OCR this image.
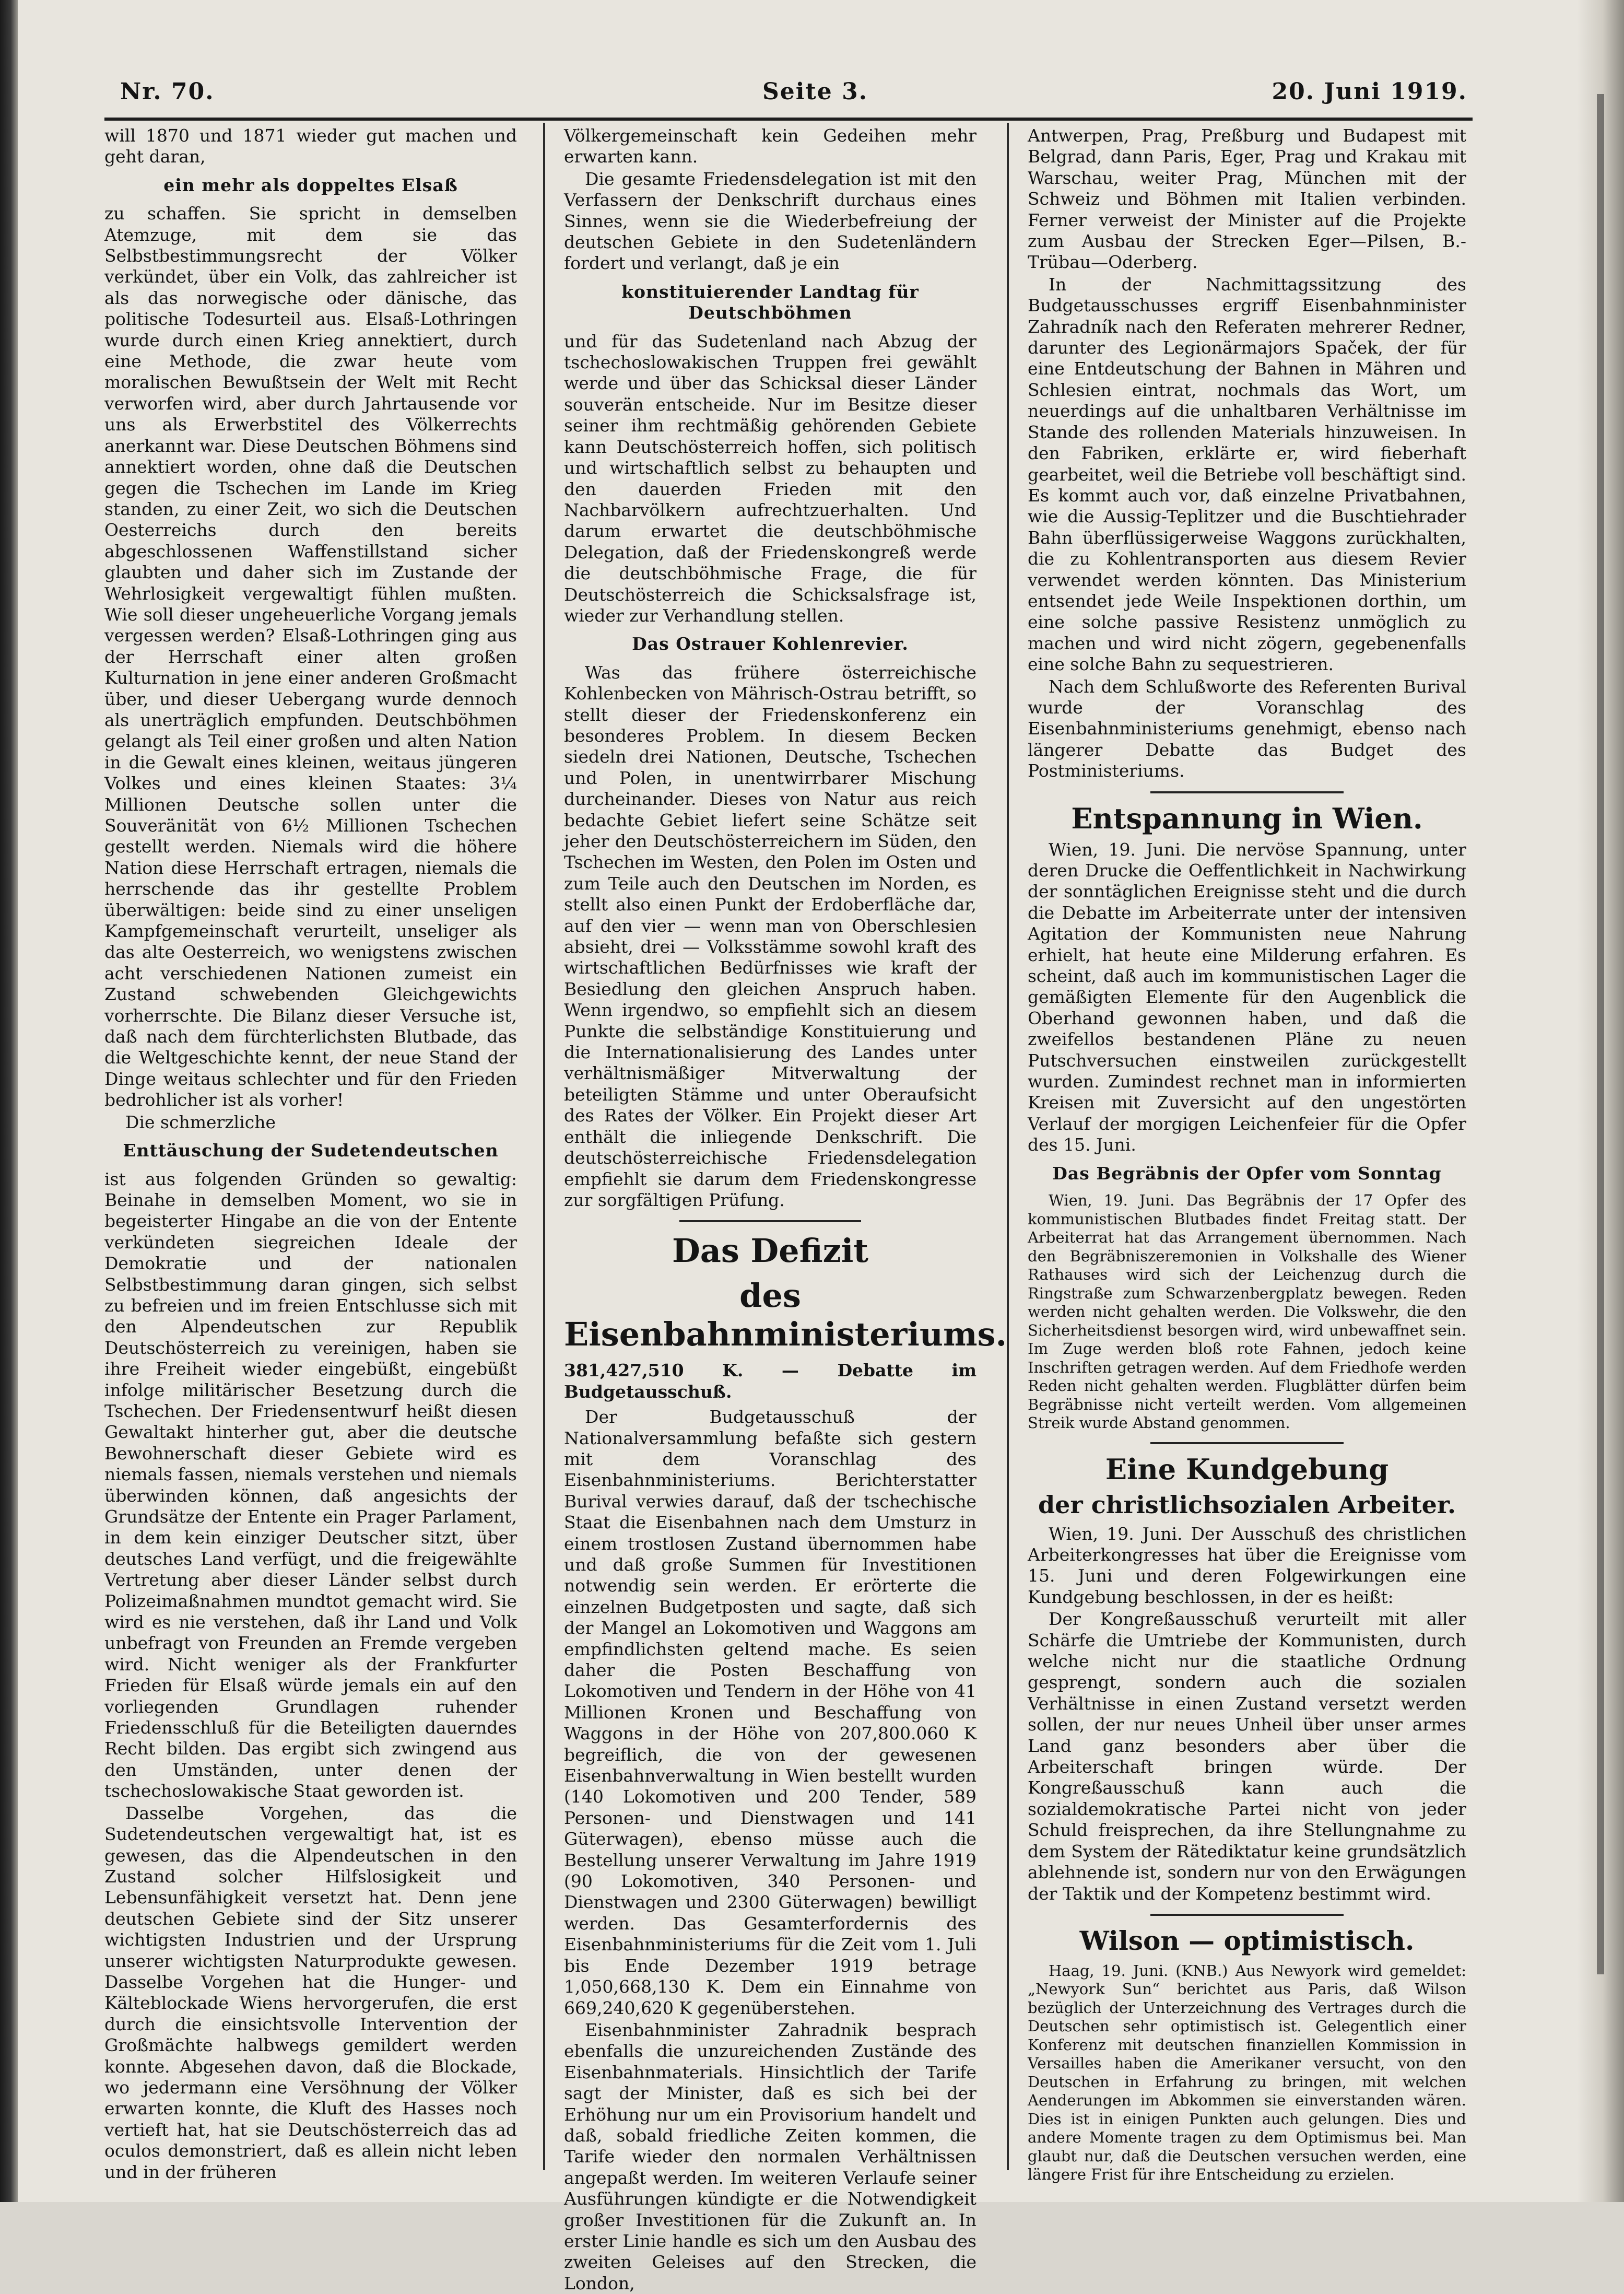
Nr. 70.	Seite 3.	20. Juni 1919.

will 1870 und 1871 wieder gut machen und geht daran,

ein mehr als doppeltes Elsaß

zu schaffen. Sie spricht in demselben Atemzuge, mit dem sie das Selbstbestimmungsrecht der Völker verkündet, über ein Volk, das zahlreicher ist als das norwegische oder dänische, das politische Todesurteil aus. Elsaß-Lothringen wurde durch einen Krieg annektiert, durch eine Methode, die zwar heute vom moralischen Bewußtsein der Welt mit Recht verworfen wird, aber durch Jahrtausende vor uns als Erwerbstitel des Völkerrechts anerkannt war. Diese Deutschen Böhmens sind annektiert worden, ohne daß die Deutschen gegen die Tschechen im Lande im Krieg standen, zu einer Zeit, wo sich die Deutschen Oesterreichs durch den bereits abgeschlossenen Waffenstillstand sicher glaubten und daher sich im Zustande der Wehrlosigkeit vergewaltigt fühlen mußten. Wie soll dieser ungeheuerliche Vorgang jemals vergessen werden? Elsaß-Lothringen ging aus der Herrschaft einer alten großen Kulturnation in jene einer anderen Großmacht über, und dieser Uebergang wurde dennoch als unerträglich empfunden. Deutschböhmen gelangt als Teil einer großen und alten Nation in die Gewalt eines kleinen, weitaus jüngeren Volkes und eines kleinen Staates: 3¼ Millionen Deutsche sollen unter die Souveränität von 6½ Millionen Tschechen gestellt werden. Niemals wird die höhere Nation diese Herrschaft ertragen, niemals die herrschende das ihr gestellte Problem überwältigen: beide sind zu einer unseligen Kampfgemeinschaft verurteilt, unseliger als das alte Oesterreich, wo wenigstens zwischen acht verschiedenen Nationen zumeist ein Zustand schwebenden Gleichgewichts vorherrschte. Die Bilanz dieser Versuche ist, daß nach dem fürchterlichsten Blutbade, das die Weltgeschichte kennt, der neue Stand der Dinge weitaus schlechter und für den Frieden bedrohlicher ist als vorher!

Die schmerzliche

Enttäuschung der Sudetendeutschen

ist aus folgenden Gründen so gewaltig: Beinahe in demselben Moment, wo sie in begeisterter Hingabe an die von der Entente verkündeten siegreichen Ideale der Demokratie und der nationalen Selbstbestimmung daran gingen, sich selbst zu befreien und im freien Entschlusse sich mit den Alpendeutschen zur Republik Deutschösterreich zu vereinigen, haben sie ihre Freiheit wieder eingebüßt, eingebüßt infolge militärischer Besetzung durch die Tschechen. Der Friedensentwurf heißt diesen Gewaltakt hinterher gut, aber die deutsche Bewohnerschaft dieser Gebiete wird es niemals fassen, niemals verstehen und niemals überwinden können, daß angesichts der Grundsätze der Entente ein Prager Parlament, in dem kein einziger Deutscher sitzt, über deutsches Land verfügt, und die freigewählte Vertretung aber dieser Länder selbst durch Polizeimaßnahmen mundtot gemacht wird. Sie wird es nie verstehen, daß ihr Land und Volk unbefragt von Freunden an Fremde vergeben wird. Nicht weniger als der Frankfurter Frieden für Elsaß würde jemals ein auf den vorliegenden Grundlagen ruhender Friedensschluß für die Beteiligten dauerndes Recht bilden. Das ergibt sich zwingend aus den Umständen, unter denen der tschechoslowakische Staat geworden ist.

Dasselbe Vorgehen, das die Sudetendeutschen vergewaltigt hat, ist es gewesen, das die Alpendeutschen in den Zustand solcher Hilfslosigkeit und Lebensunfähigkeit versetzt hat. Denn jene deutschen Gebiete sind der Sitz unserer wichtigsten Industrien und der Ursprung unserer wichtigsten Naturprodukte gewesen. Dasselbe Vorgehen hat die Hunger- und Kälteblockade Wiens hervorgerufen, die erst durch die einsichtsvolle Intervention der Großmächte halbwegs gemildert werden konnte. Abgesehen davon, daß die Blockade, wo jedermann eine Versöhnung der Völker erwarten konnte, die Kluft des Hasses noch vertieft hat, hat sie Deutschösterreich das ad oculos demonstriert, daß es allein nicht leben und in der früheren

Völkergemeinschaft kein Gedeihen mehr erwarten kann.

Die gesamte Friedensdelegation ist mit den Verfassern der Denkschrift durchaus eines Sinnes, wenn sie die Wiederbefreiung der deutschen Gebiete in den Sudetenländern fordert und verlangt, daß je ein

konstituierender Landtag für Deutschböhmen

und für das Sudetenland nach Abzug der tschechoslowakischen Truppen frei gewählt werde und über das Schicksal dieser Länder souverän entscheide. Nur im Besitze dieser seiner ihm rechtmäßig gehörenden Gebiete kann Deutschösterreich hoffen, sich politisch und wirtschaftlich selbst zu behaupten und den dauerden Frieden mit den Nachbarvölkern aufrechtzuerhalten. Und darum erwartet die deutschböhmische Delegation, daß der Friedenskongreß werde die deutschböhmische Frage, die für Deutschösterreich die Schicksalsfrage ist, wieder zur Verhandlung stellen.

Das Ostrauer Kohlenrevier.

Was das frühere österreichische Kohlenbecken von Mährisch-Ostrau betrifft, so stellt dieser der Friedenskonferenz ein besonderes Problem. In diesem Becken siedeln drei Nationen, Deutsche, Tschechen und Polen, in unentwirrbarer Mischung durcheinander. Dieses von Natur aus reich bedachte Gebiet liefert seine Schätze seit jeher den Deutschösterreichern im Süden, den Tschechen im Westen, den Polen im Osten und zum Teile auch den Deutschen im Norden, es stellt also einen Punkt der Erdoberfläche dar, auf den vier — wenn man von Oberschlesien absieht, drei — Volksstämme sowohl kraft des wirtschaftlichen Bedürfnisses wie kraft der Besiedlung den gleichen Anspruch haben. Wenn irgendwo, so empfiehlt sich an diesem Punkte die selbständige Konstituierung und die Internationalisierung des Landes unter verhältnismäßiger Mitverwaltung der beteiligten Stämme und unter Oberaufsicht des Rates der Völker. Ein Projekt dieser Art enthält die inliegende Denkschrift. Die deutschösterreichische Friedensdelegation empfiehlt sie darum dem Friedenskongresse zur sorgfältigen Prüfung.

Das Defizit

des Eisenbahnministeriums.

381,427,510 K. — Debatte im Budgetausschuß.

Der Budgetausschuß der Nationalversammlung befaßte sich gestern mit dem Voranschlag des Eisenbahnministeriums. Berichterstatter Burival verwies darauf, daß der tschechische Staat die Eisenbahnen nach dem Umsturz in einem trostlosen Zustand übernommen habe und daß große Summen für Investitionen notwendig sein werden. Er erörterte die einzelnen Budgetposten und sagte, daß sich der Mangel an Lokomotiven und Waggons am empfindlichsten geltend mache. Es seien daher die Posten Beschaffung von Lokomotiven und Tendern in der Höhe von 41 Millionen Kronen und Beschaffung von Waggons in der Höhe von 207,800.060 K begreiflich, die von der gewesenen Eisenbahnverwaltung in Wien bestellt wurden (140 Lokomotiven und 200 Tender, 589 Personen- und Dienstwagen und 141 Güterwagen), ebenso müsse auch die Bestellung unserer Verwaltung im Jahre 1919 (90 Lokomotiven, 340 Personen- und Dienstwagen und 2300 Güterwagen) bewilligt werden. Das Gesamterfordernis des Eisenbahnministeriums für die Zeit vom 1. Juli bis Ende Dezember 1919 betrage 1,050,668,130 K. Dem ein Einnahme von 669,240,620 K gegenüberstehen.

Eisenbahnminister Zahradnik besprach ebenfalls die unzureichenden Zustände des Eisenbahnmaterials. Hinsichtlich der Tarife sagt der Minister, daß es sich bei der Erhöhung nur um ein Provisorium handelt und daß, sobald friedliche Zeiten kommen, die Tarife wieder den normalen Verhältnissen angepaßt werden. Im weiteren Verlaufe seiner Ausführungen kündigte er die Notwendigkeit großer Investitionen für die Zukunft an. In erster Linie handle es sich um den Ausbau des zweiten Geleises auf den Strecken, die London,

Antwerpen, Prag, Preßburg und Budapest mit Belgrad, dann Paris, Eger, Prag und Krakau mit Warschau, weiter Prag, München mit der Schweiz und Böhmen mit Italien verbinden. Ferner verweist der Minister auf die Projekte zum Ausbau der Strecken Eger—Pilsen, B.-Trübau—Oderberg.

In der Nachmittagssitzung des Budgetausschusses ergriff Eisenbahnminister Zahradník nach den Referaten mehrerer Redner, darunter des Legionärmajors Spaček, der für eine Entdeutschung der Bahnen in Mähren und Schlesien eintrat, nochmals das Wort, um neuerdings auf die unhaltbaren Verhältnisse im Stande des rollenden Materials hinzuweisen. In den Fabriken, erklärte er, wird fieberhaft gearbeitet, weil die Betriebe voll beschäftigt sind. Es kommt auch vor, daß einzelne Privatbahnen, wie die Aussig-Teplitzer und die Buschtiehrader Bahn überflüssigerweise Waggons zurückhalten, die zu Kohlentransporten aus diesem Revier verwendet werden könnten. Das Ministerium entsendet jede Weile Inspektionen dorthin, um eine solche passive Resistenz unmöglich zu machen und wird nicht zögern, gegebenenfalls eine solche Bahn zu sequestrieren.

Nach dem Schlußworte des Referenten Burival wurde der Voranschlag des Eisenbahnministeriums genehmigt, ebenso nach längerer Debatte das Budget des Postministeriums.

Entspannung in Wien.

Wien, 19. Juni. Die nervöse Spannung, unter deren Drucke die Oeffentlichkeit in Nachwirkung der sonntäglichen Ereignisse steht und die durch die Debatte im Arbeiterrate unter der intensiven Agitation der Kommunisten neue Nahrung erhielt, hat heute eine Milderung erfahren. Es scheint, daß auch im kommunistischen Lager die gemäßigten Elemente für den Augenblick die Oberhand gewonnen haben, und daß die zweifellos bestandenen Pläne zu neuen Putschversuchen einstweilen zurückgestellt wurden. Zumindest rechnet man in informierten Kreisen mit Zuversicht auf den ungestörten Verlauf der morgigen Leichenfeier für die Opfer des 15. Juni.

Das Begräbnis der Opfer vom Sonntag

Wien, 19. Juni. Das Begräbnis der 17 Opfer des kommunistischen Blutbades findet Freitag statt. Der Arbeiterrat hat das Arrangement übernommen. Nach den Begräbniszeremonien in Volkshalle des Wiener Rathauses wird sich der Leichenzug durch die Ringstraße zum Schwarzenbergplatz bewegen. Reden werden nicht gehalten werden. Die Volkswehr, die den Sicherheitsdienst besorgen wird, wird unbewaffnet sein. Im Zuge werden bloß rote Fahnen, jedoch keine Inschriften getragen werden. Auf dem Friedhofe werden Reden nicht gehalten werden. Flugblätter dürfen beim Begräbnisse nicht verteilt werden. Vom allgemeinen Streik wurde Abstand genommen.

Eine Kundgebung

der christlichsozialen Arbeiter.

Wien, 19. Juni. Der Ausschuß des christlichen Arbeiterkongresses hat über die Ereignisse vom 15. Juni und deren Folgewirkungen eine Kundgebung beschlossen, in der es heißt:

Der Kongreßausschuß verurteilt mit aller Schärfe die Umtriebe der Kommunisten, durch welche nicht nur die staatliche Ordnung gesprengt, sondern auch die sozialen Verhältnisse in einen Zustand versetzt werden sollen, der nur neues Unheil über unser armes Land ganz besonders aber über die Arbeiterschaft bringen würde. Der Kongreßausschuß kann auch die sozialdemokratische Partei nicht von jeder Schuld freisprechen, da ihre Stellungnahme zu dem System der Rätediktatur keine grundsätzlich ablehnende ist, sondern nur von den Erwägungen der Taktik und der Kompetenz bestimmt wird.

Wilson — optimistisch.

Haag, 19. Juni. (KNB.) Aus Newyork wird gemeldet: „Newyork Sun“ berichtet aus Paris, daß Wilson bezüglich der Unterzeichnung des Vertrages durch die Deutschen sehr optimistisch ist. Gelegentlich einer Konferenz mit deutschen finanziellen Kommission in Versailles haben die Amerikaner versucht, von den Deutschen in Erfahrung zu bringen, mit welchen Aenderungen im Abkommen sie einverstanden wären. Dies ist in einigen Punkten auch gelungen. Dies und andere Momente tragen zu dem Optimismus bei. Man glaubt nur, daß die Deutschen versuchen werden, eine längere Frist für ihre Entscheidung zu erzielen.
